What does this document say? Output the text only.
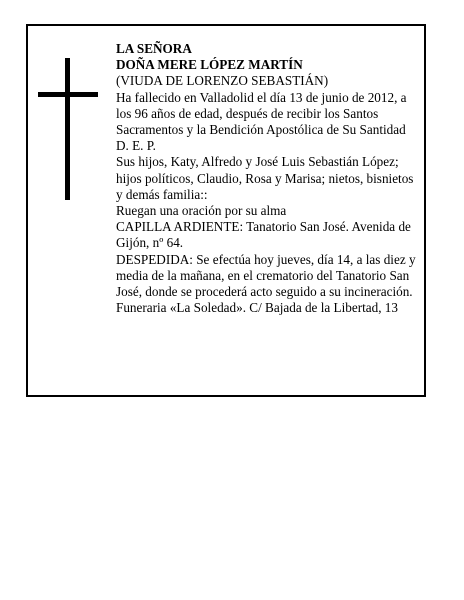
LA SEÑORA

DOÑA MERE LÓPEZ MARTÍN

(VIUDA DE LORENZO SEBASTIÁN)

Ha fallecido en Valladolid el día 13 de junio de 2012, a los 96 años de edad, después de recibir los Santos Sacramentos y la Bendición Apostólica de Su Santidad D. E. P.

Sus hijos, Katy, Alfredo y José Luis Sebastián López; hijos políticos, Claudio, Rosa y Marisa; nietos, bisnietos y demás familia::

Ruegan una oración por su alma

CAPILLA ARDIENTE: Tanatorio San José. Avenida de Gijón, nº 64.

DESPEDIDA: Se efectúa hoy jueves, día 14, a las diez y media de la mañana, en el crematorio del Tanatorio San José, donde se procederá acto seguido a su incineración.

Funeraria «La Soledad». C/ Bajada de la Libertad, 13
